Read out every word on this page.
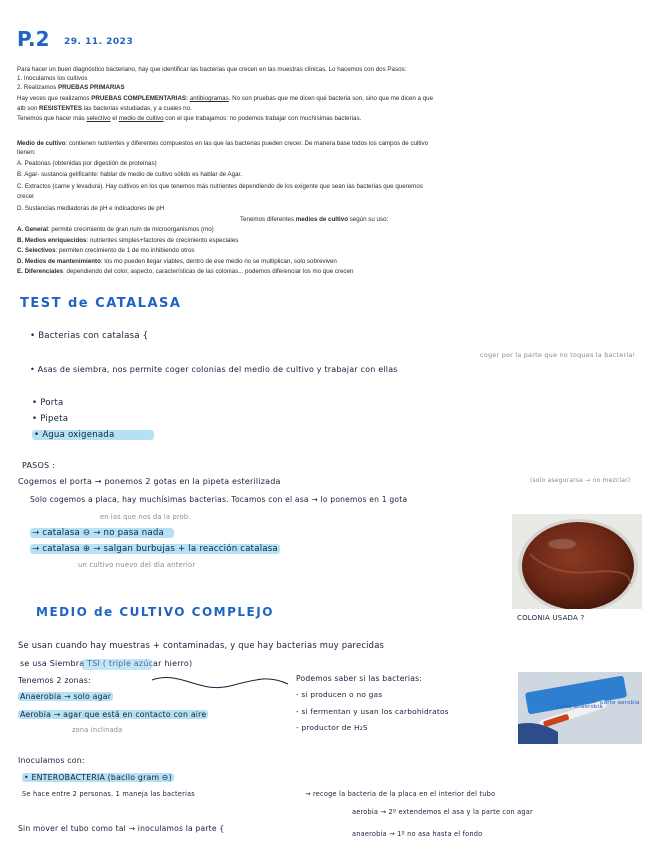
P.2 29. 11. 2023
Para hacer un buen diagnóstico bacteriano, hay que identificar las bacterias que crecen en las muestras clínicas. Lo hacemos con dos Pasos:
1. Inoculamos los cultivos
2. Realizamos PRUEBAS PRIMARIAS
Hay veces que realizamos PRUEBAS COMPLEMENTARIAS: antibiogramas. No son pruebas que me dicen qué bacteria son, sino que me dicen a que
atb son RESISTENTES las bacterias estudiadas, y a cuales no.
Tenemos que hacer más selectivo el medio de cultivo con el que trabajamos: no podemos trabajar con muchísimas bacterias.
Medio de cultivo: contienen nutrientes y diferentes compuestos en las que las bacterias pueden crecer. De manera base todos los campos de cultivo
tienen:
A. Peatonas (obtenidas por digestión de proteínas)
B. Agar- sustancia gelificante: hablar de medio de cultivo sólido es hablar de Agar.
C. Extractos (carne y levadura). Hay cultivos en los que tenemos más nutrientes dependiendo de los exigente que sean las bacterias que queremos
crecer
D. Sustancias mediadoras de pH e indicadores de pH
Tenemos diferentes medios de cultivo según su uso:
A. General: permite crecimiento de gran num de microorganismos (mo)
B. Medios enriquecidos: nutrientes simples+factores de crecimiento especiales
C. Selectivos: permiten crecimiento de 1 de mo inhibiendo otros
D. Medios de mantenimiento: los mo pueden llegar viables, dentro de ese medio no se multiplican, solo sobreviven
E. Diferenciales: dependiendo del color, aspecto, características de las colonias... podemos diferenciar los mo que crecen
TEST de CATALASA
• Bacterias con catalasa {
• Asas de siembra, nos permite coger colonias del medio de cultivo y trabajar con ellas
coger por la parte que no toques la bacteria!
• Porta
• Pipeta
• Agua oxigenada
PASOS :
Cogemos el porta → ponemos 2 gotas en la pipeta esterilizada	(solo asegurarse → no mezclar)
Solo cogemos a placa, hay muchísimas bacterias. Tocamos con el asa → lo ponemos en 1 gota
en las que nos da la prob.
→ catalasa ⊖ → no pasa nada
→ catalasa ⊕ → salgan burbujas + la reacción catalasa
un cultivo nuevo del día anterior
COLONIA USADA ?
MEDIO de CULTIVO COMPLEJO
Se usan cuando hay muestras + contaminadas, y que hay bacterias muy parecidas
se usa Siembra TSI ( triple azúcar hierro)
Tenemos 2 zonas:
Anaerobia → solo agar
Aerobia → agar que está en contacto con aire
zona inclinada
Podemos saber si las bacterias:
- si producen o no gas
- si fermentan y usan los carbohidratos
- productor de H₂S
parte anaerobia
parte aerobia
Inoculamos con:
• ENTEROBACTERIA (bacilo gram ⊖)
Se hace entre 2 personas. 1 maneja las bacterias	→ recoge la bacteria de la placa en el interior del tubo
aerobia → 2º extendemos el asa y la parte con agar
Sin mover el tubo como tal → inoculamos la parte {
anaerobia → 1º no asa hasta el fondo
